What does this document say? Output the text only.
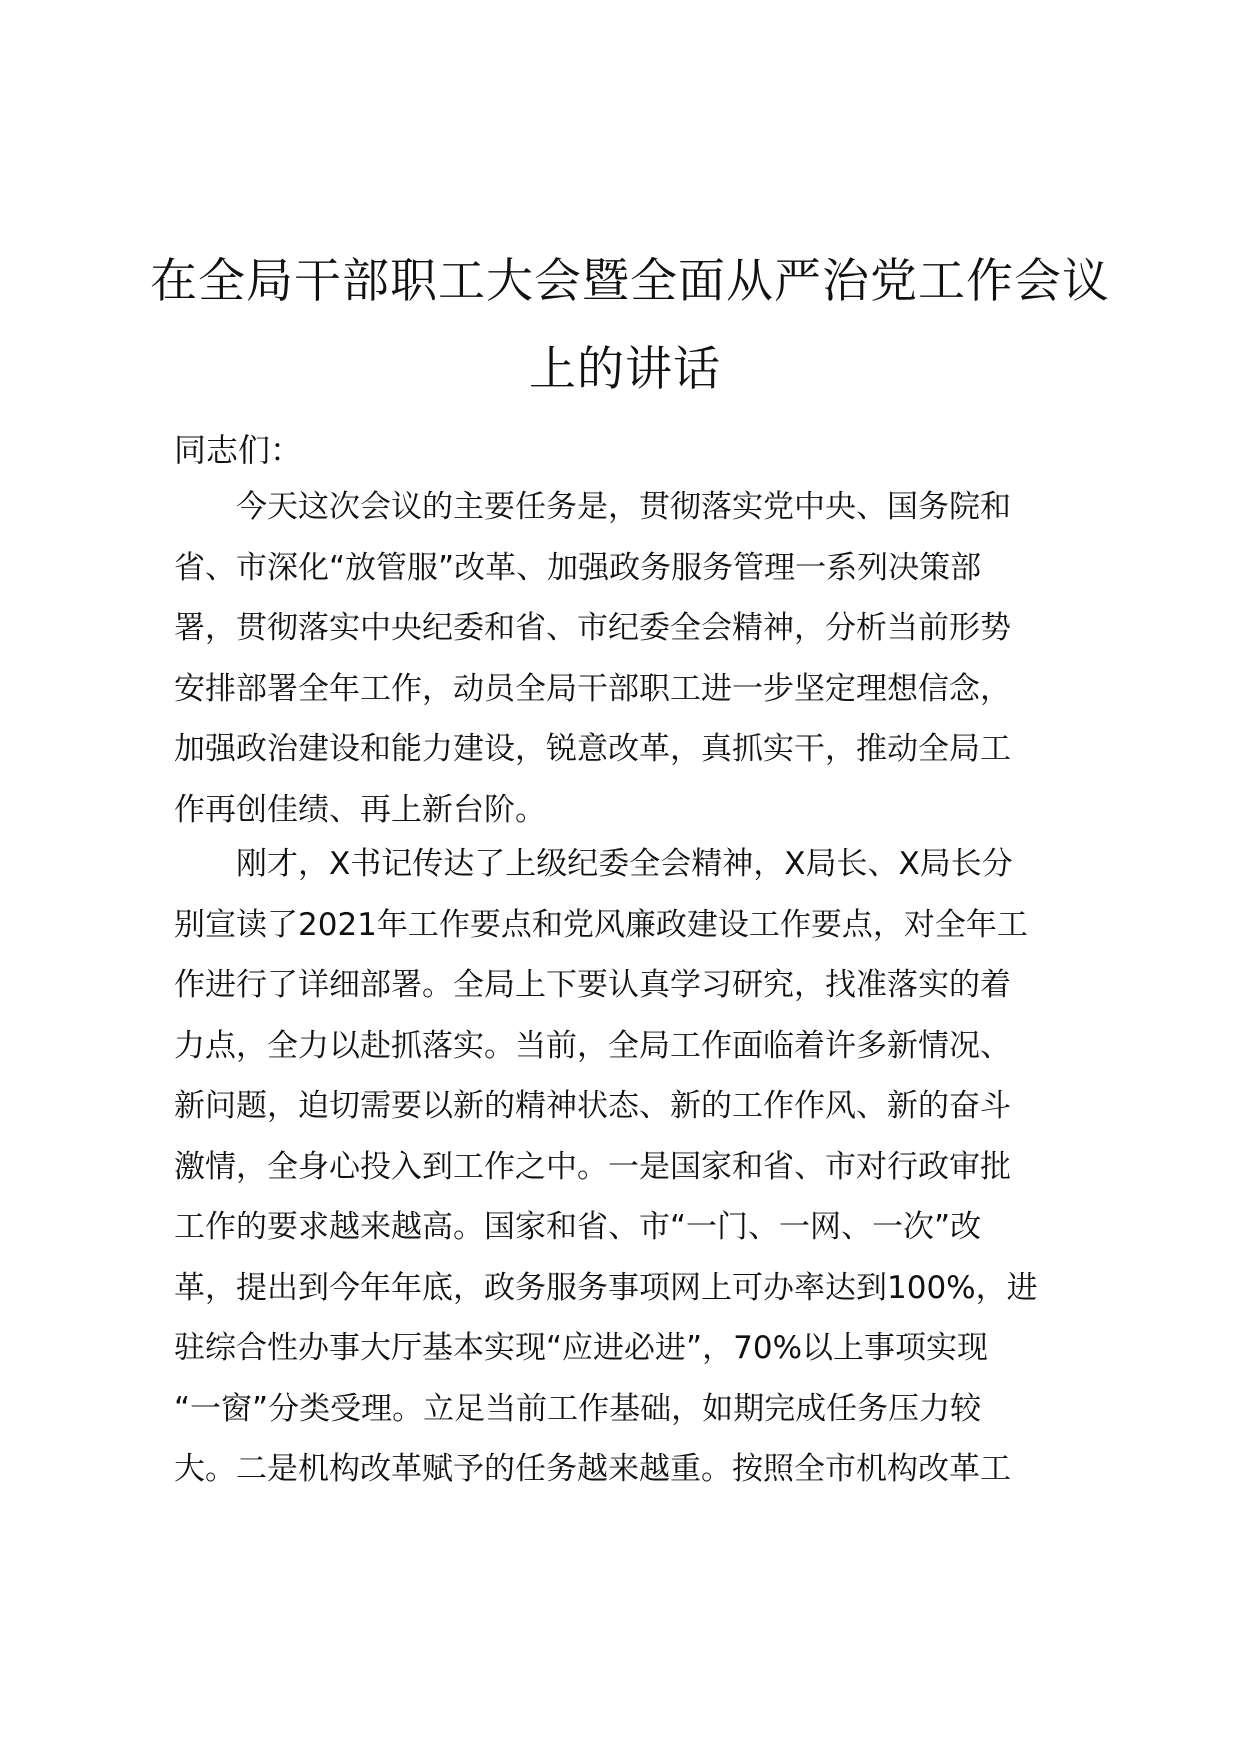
在全局干部职工大会暨全面从严治党工作会议
上的讲话

同志们：

　　今天这次会议的主要任务是，贯彻落实党中央、国务院和
省、市深化“放管服”改革、加强政务服务管理一系列决策部
署，贯彻落实中央纪委和省、市纪委全会精神，分析当前形势
安排部署全年工作，动员全局干部职工进一步坚定理想信念，
加强政治建设和能力建设，锐意改革，真抓实干，推动全局工
作再创佳绩、再上新台阶。
　　刚才，X书记传达了上级纪委全会精神，X局长、X局长分
别宣读了2021年工作要点和党风廉政建设工作要点，对全年工
作进行了详细部署。全局上下要认真学习研究，找准落实的着
力点，全力以赴抓落实。当前，全局工作面临着许多新情况、
新问题，迫切需要以新的精神状态、新的工作作风、新的奋斗
激情，全身心投入到工作之中。一是国家和省、市对行政审批
工作的要求越来越高。国家和省、市“一门、一网、一次”改
革，提出到今年年底，政务服务事项网上可办率达到100%，进
驻综合性办事大厅基本实现“应进必进”，70%以上事项实现
“一窗”分类受理。立足当前工作基础，如期完成任务压力较
大。二是机构改革赋予的任务越来越重。按照全市机构改革工
